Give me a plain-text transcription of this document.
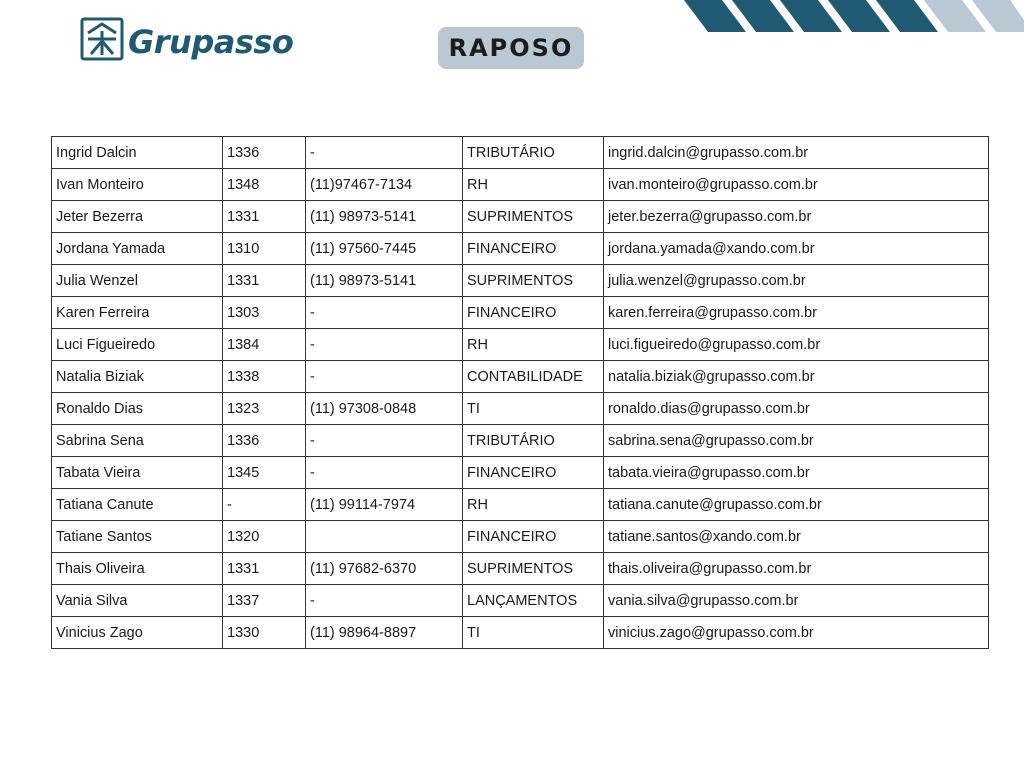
Grupasso	RAPOSO
Ingrid Dalcin	1336	-	TRIBUTÁRIO	ingrid.dalcin@grupasso.com.br
Ivan Monteiro	1348	(11)97467-7134	RH	ivan.monteiro@grupasso.com.br
Jeter Bezerra	1331	(11) 98973-5141	SUPRIMENTOS	jeter.bezerra@grupasso.com.br
Jordana Yamada	1310	(11) 97560-7445	FINANCEIRO	jordana.yamada@xando.com.br
Julia Wenzel	1331	(11) 98973-5141	SUPRIMENTOS	julia.wenzel@grupasso.com.br
Karen Ferreira	1303	-	FINANCEIRO	karen.ferreira@grupasso.com.br
Luci Figueiredo	1384	-	RH	luci.figueiredo@grupasso.com.br
Natalia Biziak	1338	-	CONTABILIDADE	natalia.biziak@grupasso.com.br
Ronaldo Dias	1323	(11) 97308-0848	TI	ronaldo.dias@grupasso.com.br
Sabrina Sena	1336	-	TRIBUTÁRIO	sabrina.sena@grupasso.com.br
Tabata Vieira	1345	-	FINANCEIRO	tabata.vieira@grupasso.com.br
Tatiana Canute	-	(11) 99114-7974	RH	tatiana.canute@grupasso.com.br
Tatiane Santos	1320		FINANCEIRO	tatiane.santos@xando.com.br
Thais Oliveira	1331	(11) 97682-6370	SUPRIMENTOS	thais.oliveira@grupasso.com.br
Vania Silva	1337	-	LANÇAMENTOS	vania.silva@grupasso.com.br
Vinicius Zago	1330	(11) 98964-8897	TI	vinicius.zago@grupasso.com.br
